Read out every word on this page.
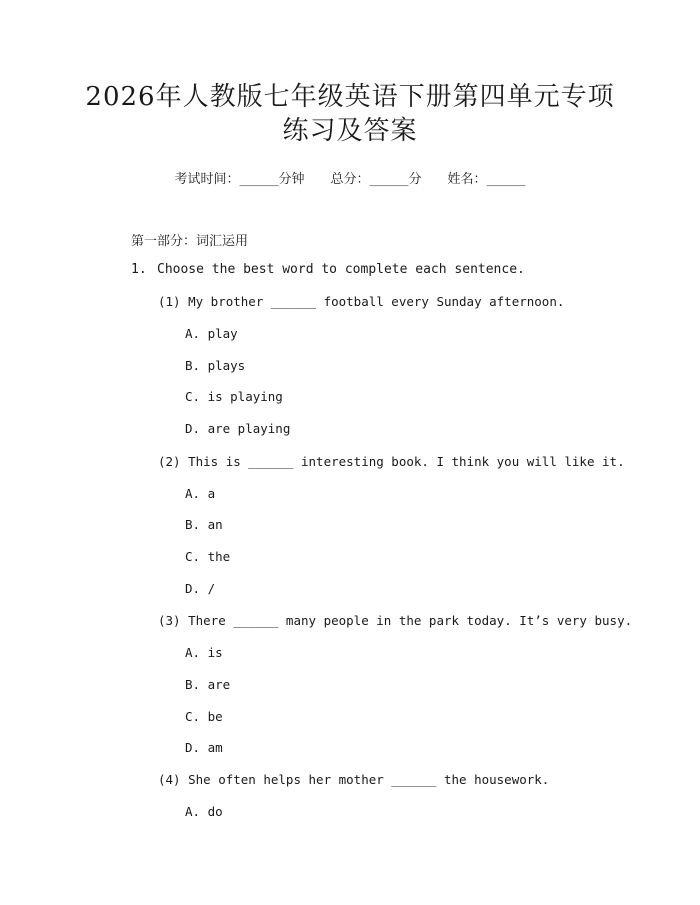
2026年人教版七年级英语下册第四单元专项
练习及答案
考试时间：______分钟 总分：______分 姓名：______
第一部分：词汇运用
1. Choose the best word to complete each sentence.
(1) My brother ______ football every Sunday afternoon.
A. play
B. plays
C. is playing
D. are playing
(2) This is ______ interesting book. I think you will like it.
A. a
B. an
C. the
D. /
(3) There ______ many people in the park today. It’s very busy.
A. is
B. are
C. be
D. am
(4) She often helps her mother ______ the housework.
A. do
